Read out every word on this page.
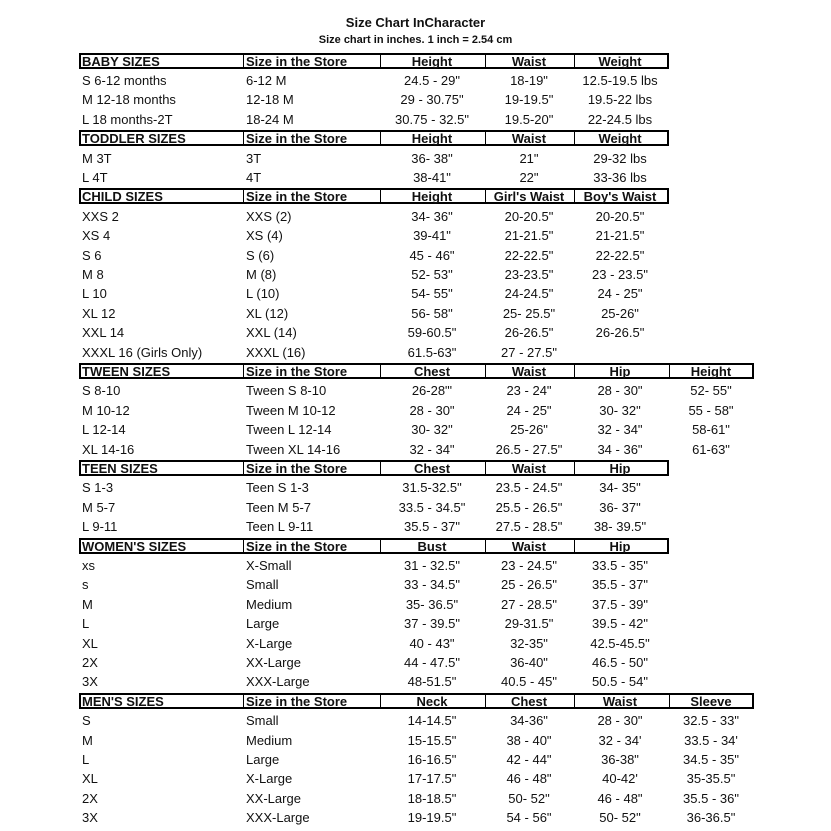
Size Chart InCharacter
Size chart in inches. 1 inch = 2.54 cm
BABY SIZES	Size in the Store	Height	Waist	Weight
S 6-12 months	6-12 M	24.5 - 29"	18-19"	12.5-19.5 lbs
M 12-18 months	12-18 M	29 - 30.75"	19-19.5"	19.5-22 lbs
L 18 months-2T	18-24 M	30.75 - 32.5"	19.5-20"	22-24.5 lbs
TODDLER SIZES	Size in the Store	Height	Waist	Weight
M 3T	3T	36- 38"	21"	29-32 lbs
L 4T	4T	38-41"	22"	33-36 lbs
CHILD SIZES	Size in the Store	Height	Girl's Waist	Boy's Waist
XXS 2	XXS (2)	34- 36"	20-20.5"	20-20.5"
XS 4	XS (4)	39-41"	21-21.5"	21-21.5"
S 6	S (6)	45 - 46"	22-22.5"	22-22.5"
M 8	M (8)	52- 53"	23-23.5"	23 - 23.5"
L 10	L (10)	54- 55"	24-24.5"	24 - 25"
XL 12	XL (12)	56- 58"	25- 25.5"	25-26"
XXL 14	XXL (14)	59-60.5"	26-26.5"	26-26.5"
XXXL 16 (Girls Only)	XXXL (16)	61.5-63"	27 - 27.5"
TWEEN SIZES	Size in the Store	Chest	Waist	Hip	Height
S 8-10	Tween S 8-10	26-28"'	23 - 24"	28 - 30"	52- 55"
M 10-12	Tween M 10-12	28 - 30"	24 - 25"	30- 32"	55 - 58"
L 12-14	Tween L 12-14	30- 32"	25-26"	32 - 34"	58-61"
XL 14-16	Tween XL 14-16	32 - 34"	26.5 - 27.5"	34 - 36"	61-63"
TEEN SIZES	Size in the Store	Chest	Waist	Hip
S 1-3	Teen S 1-3	31.5-32.5"	23.5 - 24.5"	34- 35"
M 5-7	Teen M 5-7	33.5 - 34.5"	25.5 - 26.5"	36- 37"
L 9-11	Teen L 9-11	35.5 - 37"	27.5 - 28.5"	38- 39.5"
WOMEN'S SIZES	Size in the Store	Bust	Waist	Hip
xs	X-Small	31 - 32.5"	23 - 24.5"	33.5 - 35"
s	Small	33 - 34.5"	25 - 26.5"	35.5 - 37"
M	Medium	35- 36.5"	27 - 28.5"	37.5 - 39"
L	Large	37 - 39.5"	29-31.5"	39.5 - 42"
XL	X-Large	40 - 43"	32-35"	42.5-45.5"
2X	XX-Large	44 - 47.5"	36-40"	46.5 - 50"
3X	XXX-Large	48-51.5"	40.5 - 45"	50.5 - 54"
MEN'S SIZES	Size in the Store	Neck	Chest	Waist	Sleeve
S	Small	14-14.5"	34-36"	28 - 30"	32.5 - 33"
M	Medium	15-15.5"	38 - 40"	32 - 34'	33.5 - 34'
L	Large	16-16.5"	42 - 44"	36-38"	34.5 - 35"
XL	X-Large	17-17.5"	46 - 48"	40-42'	35-35.5"
2X	XX-Large	18-18.5"	50- 52"	46 - 48"	35.5 - 36"
3X	XXX-Large	19-19.5"	54 - 56"	50- 52"	36-36.5"
